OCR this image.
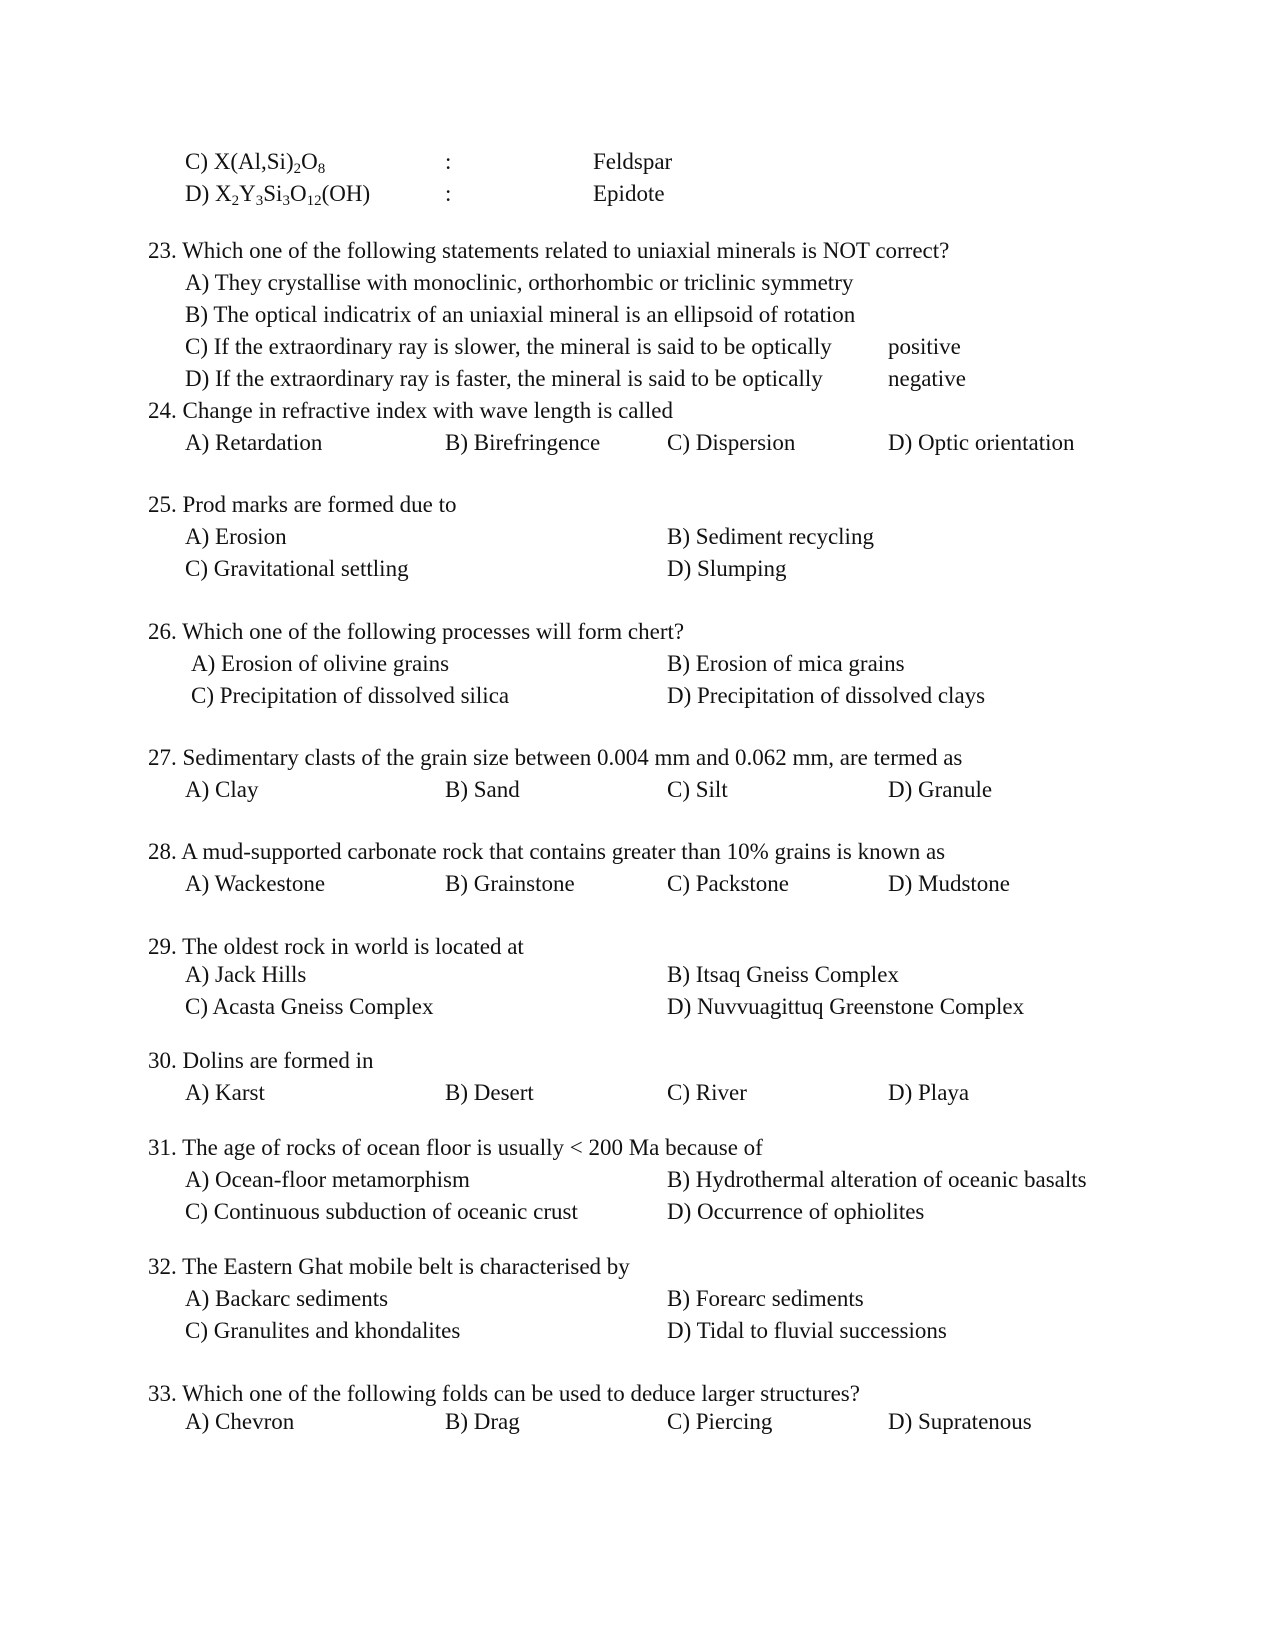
C) $X(Al,Si)_2O_8$	:	Feldspar
D) $X_2Y_3Si_3O_{12}(OH)$	:	Epidote
23. Which one of the following statements related to uniaxial minerals is NOT correct?
A) They crystallise with monoclinic, orthorhombic or triclinic symmetry
B) The optical indicatrix of an uniaxial mineral is an ellipsoid of rotation
C) If the extraordinary ray is slower, the mineral is said to be optically positive
D) If the extraordinary ray is faster, the mineral is said to be optically	negative
24. Change in refractive index with wave length is called
A) Retardation	B) Birefringence	C) Dispersion	D) Optic orientation
25. Prod marks are formed due to
A) Erosion	B) Sediment recycling
C) Gravitational settling	D) Slumping
26. Which one of the following processes will form chert?
A) Erosion of olivine grains	B) Erosion of mica grains
C) Precipitation of dissolved silica	D) Precipitation of dissolved clays
27. Sedimentary clasts of the grain size between 0.004 mm and 0.062 mm, are termed as
A) Clay	B) Sand	C) Silt	D) Granule
28. A mud-supported carbonate rock that contains greater than 10% grains is known as
A) Wackestone	B) Grainstone	C) Packstone	D) Mudstone
29. The oldest rock in world is located at
A) Jack Hills	B) Itsaq Gneiss Complex
C) Acasta Gneiss Complex	D) Nuvvuagittuq Greenstone Complex
30. Dolins are formed in
A) Karst	B) Desert	C) River	D) Playa
31. The age of rocks of ocean floor is usually < 200 Ma because of
A) Ocean-floor metamorphism	B) Hydrothermal alteration of oceanic basalts
C) Continuous subduction of oceanic crust	D) Occurrence of ophiolites
32. The Eastern Ghat mobile belt is characterised by
A) Backarc sediments	B) Forearc sediments
C) Granulites and khondalites	D) Tidal to fluvial successions
33. Which one of the following folds can be used to deduce larger structures?
A) Chevron	B) Drag	C) Piercing	D) Supratenous
